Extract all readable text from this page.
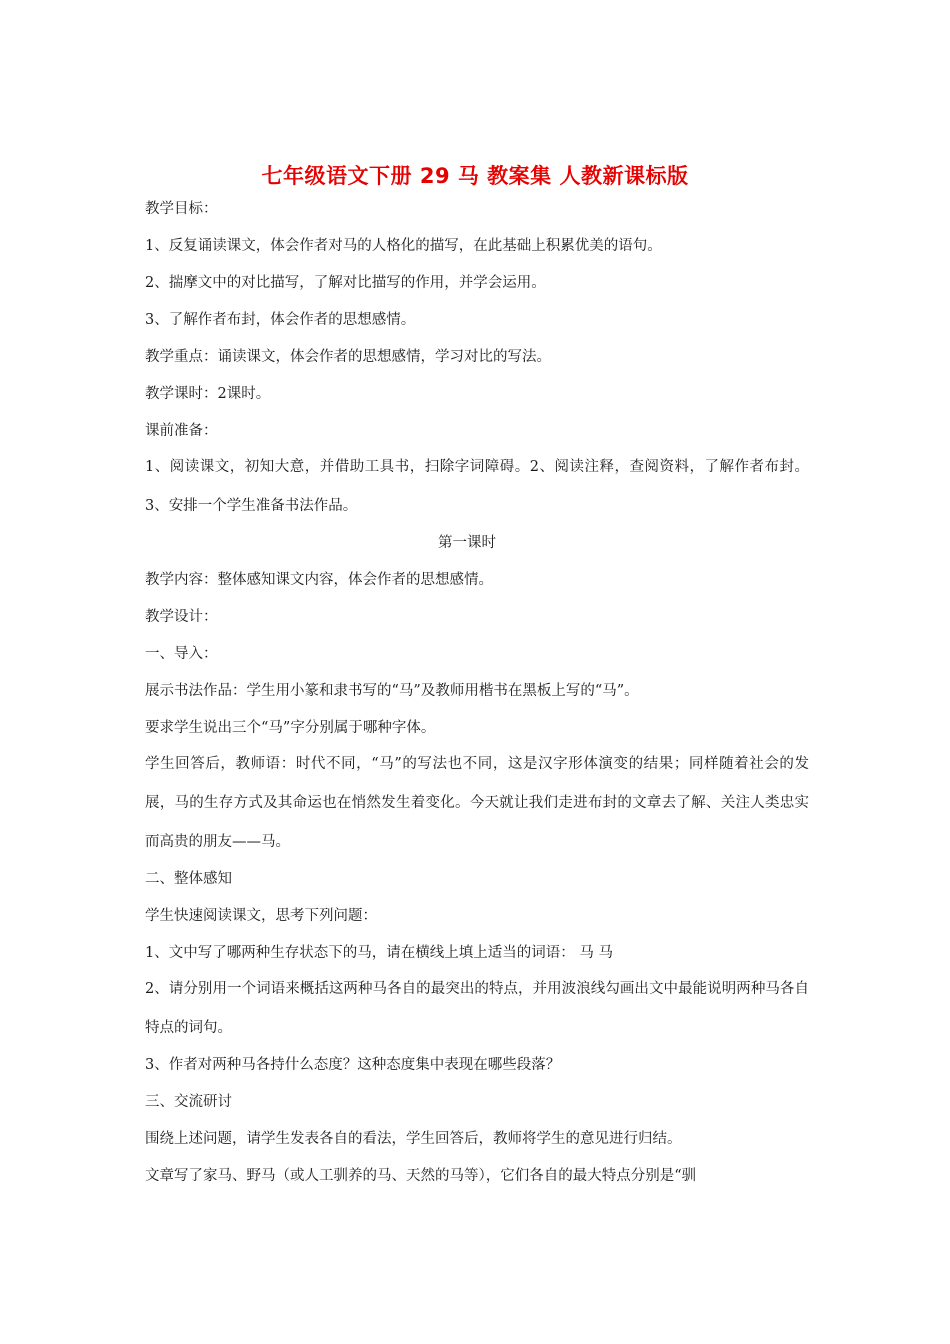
七年级语文下册 29 马 教案集 人教新课标版

教学目标：

1、反复诵读课文，体会作者对马的人格化的描写，在此基础上积累优美的语句。

2、揣摩文中的对比描写，了解对比描写的作用，并学会运用。

3、了解作者布封，体会作者的思想感情。

教学重点：诵读课文，体会作者的思想感情，学习对比的写法。

教学课时：2课时。

课前准备：

1、阅读课文，初知大意，并借助工具书，扫除字词障碍。2、阅读注释，查阅资料，了解作者布封。 3、安排一个学生准备书法作品。

第一课时

教学内容：整体感知课文内容，体会作者的思想感情。

教学设计：

一、导入：

展示书法作品：学生用小篆和隶书写的“马”及教师用楷书在黑板上写的“马”。

要求学生说出三个“马”字分别属于哪种字体。

学生回答后，教师语：时代不同，“马”的写法也不同，这是汉字形体演变的结果；同样随着社会的发展，马的生存方式及其命运也在悄然发生着变化。今天就让我们走进布封的文章去了解、关注人类忠实而高贵的朋友——马。

二、整体感知

学生快速阅读课文，思考下列问题：

1、文中写了哪两种生存状态下的马，请在横线上填上适当的词语： 马 马

2、请分别用一个词语来概括这两种马各自的最突出的特点，并用波浪线勾画出文中最能说明两种马各自特点的词句。

3、作者对两种马各持什么态度？这种态度集中表现在哪些段落？

三、交流研讨

围绕上述问题，请学生发表各自的看法，学生回答后，教师将学生的意见进行归结。

文章写了家马、野马（或人工驯养的马、天然的马等），它们各自的最大特点分别是“驯
